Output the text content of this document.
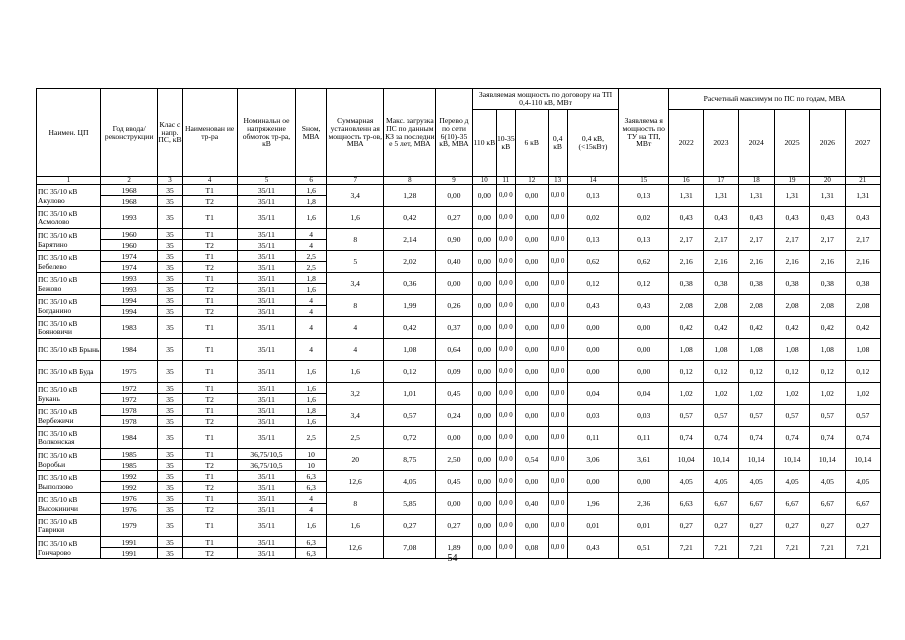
Наимен. ЦП	Год ввода/ реконструкции	Клас с напр. ПС, кВ	Наименован ие тр-ра	Номинальн ое напряжение обмоток тр-ра, кВ	Sном, МВА	Суммарная установленн ая мощность тр-ов, МВА	Макс. загрузка ПС по данным КЗ за последни е 5 лет, МВА	Перево д по сети 6(10)-35 кВ, МВА	Заявляемая мощность по договору на ТП 0,4-110 кВ, МВт					Заявляема я мощность по ТУ на ТП, МВт	Расчетный максимум по ПС по годам, МВА					
									110 кВ	10-35 кВ	6 кВ	0,4 кВ	0,4 кВ, (<15кВт)		2022	2023	2024	2025	2026	2027
1	2	3	4	5	6	7	8	9	10	11	12	13	14	15	16	17	18	19	20	21
ПС 35/10 кВ Акулово	1968	35	Т1	35/11	1,6	3,4	1,28	0,00	0,00	0,0 0	0,00	0,0 0	0,13	0,13	1,31	1,31	1,31	1,31	1,31	1,31
	1968	35	Т2	35/11	1,8															
ПС 35/10 кВ Асмолово	1993	35	Т1	35/11	1,6	1,6	0,42	0,27	0,00	0,0 0	0,00	0,0 0	0,02	0,02	0,43	0,43	0,43	0,43	0,43	0,43
ПС 35/10 кВ Барятино	1960	35	Т1	35/11	4	8	2,14	0,90	0,00	0,0 0	0,00	0,0 0	0,13	0,13	2,17	2,17	2,17	2,17	2,17	2,17
	1960	35	Т2	35/11	4															
ПС 35/10 кВ Бебелево	1974	35	Т1	35/11	2,5	5	2,02	0,40	0,00	0,0 0	0,00	0,0 0	0,62	0,62	2,16	2,16	2,16	2,16	2,16	2,16
	1974	35	Т2	35/11	2,5															
ПС 35/10 кВ Бежово	1993	35	Т1	35/11	1,8	3,4	0,36	0,00	0,00	0,0 0	0,00	0,0 0	0,12	0,12	0,38	0,38	0,38	0,38	0,38	0,38
	1993	35	Т2	35/11	1,6															
ПС 35/10 кВ Богданино	1994	35	Т1	35/11	4	8	1,99	0,26	0,00	0,0 0	0,00	0,0 0	0,43	0,43	2,08	2,08	2,08	2,08	2,08	2,08
	1994	35	Т2	35/11	4															
ПС 35/10 кВ Бояновичи	1983	35	Т1	35/11	4	4	0,42	0,37	0,00	0,0 0	0,00	0,0 0	0,00	0,00	0,42	0,42	0,42	0,42	0,42	0,42
ПС 35/10 кВ Брынь	1984	35	Т1	35/11	4	4	1,08	0,64	0,00	0,0 0	0,00	0,0 0	0,00	0,00	1,08	1,08	1,08	1,08	1,08	1,08
ПС 35/10 кВ Буда	1975	35	Т1	35/11	1,6	1,6	0,12	0,09	0,00	0,0 0	0,00	0,0 0	0,00	0,00	0,12	0,12	0,12	0,12	0,12	0,12
ПС 35/10 кВ Букань	1972	35	Т1	35/11	1,6	3,2	1,01	0,45	0,00	0,0 0	0,00	0,0 0	0,04	0,04	1,02	1,02	1,02	1,02	1,02	1,02
	1972	35	Т2	35/11	1,6															
ПС 35/10 кВ Вербежичи	1978	35	Т1	35/11	1,8	3,4	0,57	0,24	0,00	0,0 0	0,00	0,0 0	0,03	0,03	0,57	0,57	0,57	0,57	0,57	0,57
	1978	35	Т2	35/11	1,6															
ПС 35/10 кВ Волконская	1984	35	Т1	35/11	2,5	2,5	0,72	0,00	0,00	0,0 0	0,00	0,0 0	0,11	0,11	0,74	0,74	0,74	0,74	0,74	0,74
ПС 35/10 кВ Воробьи	1985	35	Т1	36,75/10,5	10	20	8,75	2,50	0,00	0,0 0	0,54	0,0 0	3,06	3,61	10,04	10,14	10,14	10,14	10,14	10,14
	1985	35	Т2	36,75/10,5	10															
ПС 35/10 кВ Выползово	1992	35	Т1	35/11	6,3	12,6	4,05	0,45	0,00	0,0 0	0,00	0,0 0	0,00	0,00	4,05	4,05	4,05	4,05	4,05	4,05
	1992	35	Т2	35/11	6,3															
ПС 35/10 кВ Высокиничи	1976	35	Т1	35/11	4	8	5,85	0,00	0,00	0,0 0	0,40	0,0 0	1,96	2,36	6,63	6,67	6,67	6,67	6,67	6,67
	1976	35	Т2	35/11	4															
ПС 35/10 кВ Гаврики	1979	35	Т1	35/11	1,6	1,6	0,27	0,27	0,00	0,0 0	0,00	0,0 0	0,01	0,01	0,27	0,27	0,27	0,27	0,27	0,27
ПС 35/10 кВ Гончарово	1991	35	Т1	35/11	6,3	12,6	7,08	1,89	0,00	0,0 0	0,08	0,0 0	0,43	0,51	7,21	7,21	7,21	7,21	7,21	7,21
	1991	35	Т2	35/11	6,3																54
